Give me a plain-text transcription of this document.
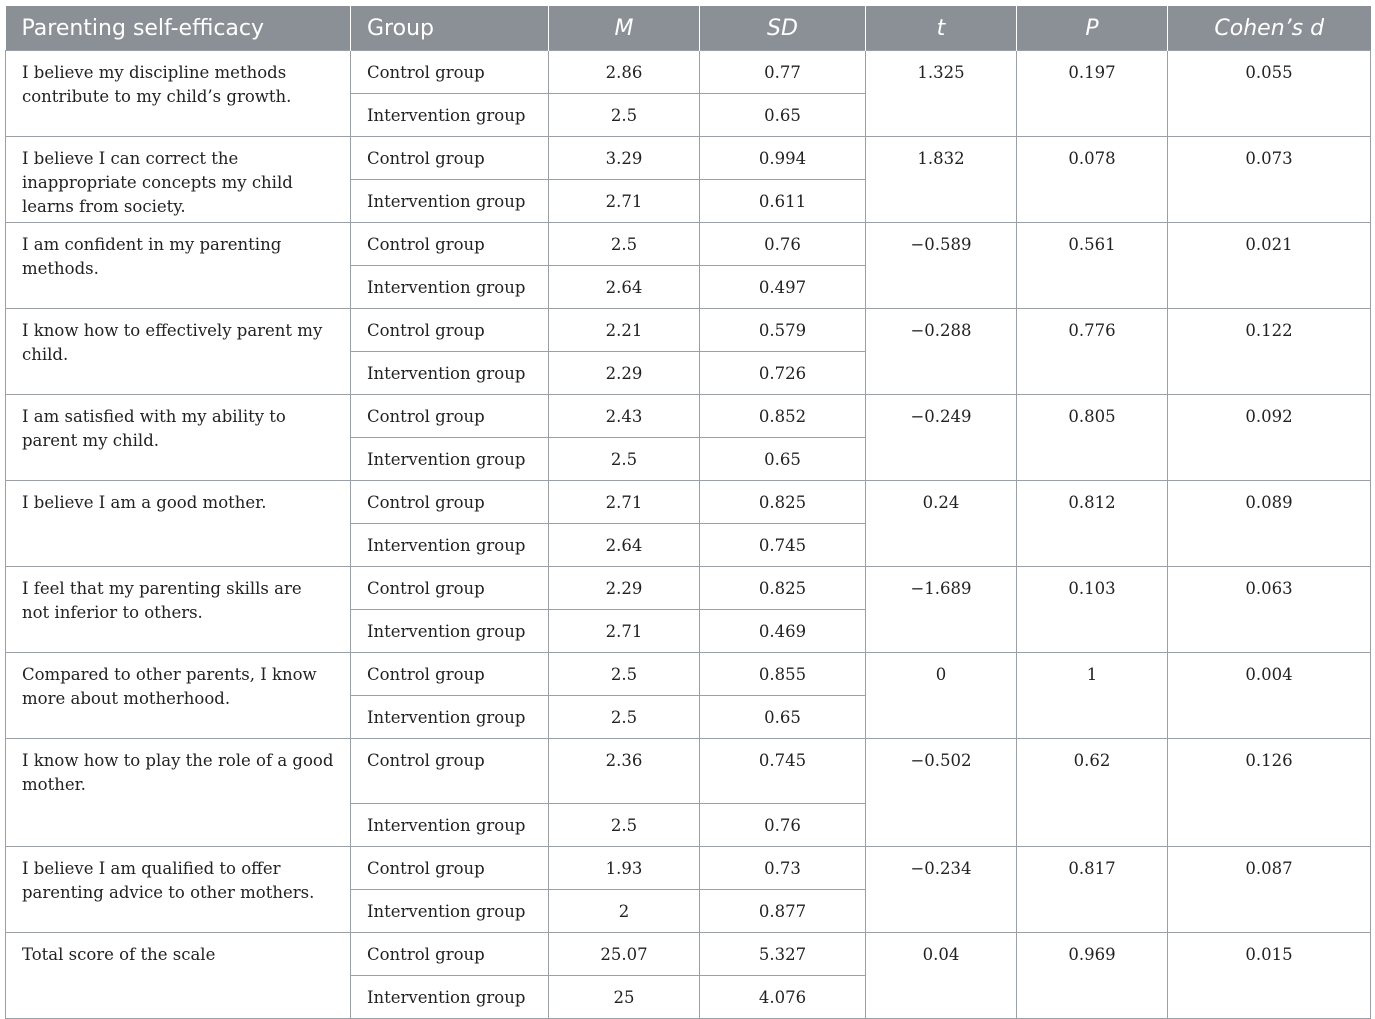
Parenting self-efficacy	Group	M	SD	t	P	Cohen’s d
I believe my discipline methods contribute to my child’s growth.	Control group	2.86	0.77	1.325	0.197	0.055
	Intervention group	2.5	0.65			
I believe I can correct the inappropriate concepts my child learns from society.	Control group	3.29	0.994	1.832	0.078	0.073
	Intervention group	2.71	0.611			
I am confident in my parenting methods.	Control group	2.5	0.76	−0.589	0.561	0.021
	Intervention group	2.64	0.497			
I know how to effectively parent my child.	Control group	2.21	0.579	−0.288	0.776	0.122
	Intervention group	2.29	0.726			
I am satisfied with my ability to parent my child.	Control group	2.43	0.852	−0.249	0.805	0.092
	Intervention group	2.5	0.65			
I believe I am a good mother.	Control group	2.71	0.825	0.24	0.812	0.089
	Intervention group	2.64	0.745			
I feel that my parenting skills are not inferior to others.	Control group	2.29	0.825	−1.689	0.103	0.063
	Intervention group	2.71	0.469			
Compared to other parents, I know more about motherhood.	Control group	2.5	0.855	0	1	0.004
	Intervention group	2.5	0.65			
I know how to play the role of a good mother.	Control group	2.36	0.745	−0.502	0.62	0.126
	Intervention group	2.5	0.76			
I believe I am qualified to offer parenting advice to other mothers.	Control group	1.93	0.73	−0.234	0.817	0.087
	Intervention group	2	0.877			
Total score of the scale	Control group	25.07	5.327	0.04	0.969	0.015
	Intervention group	25	4.076			
